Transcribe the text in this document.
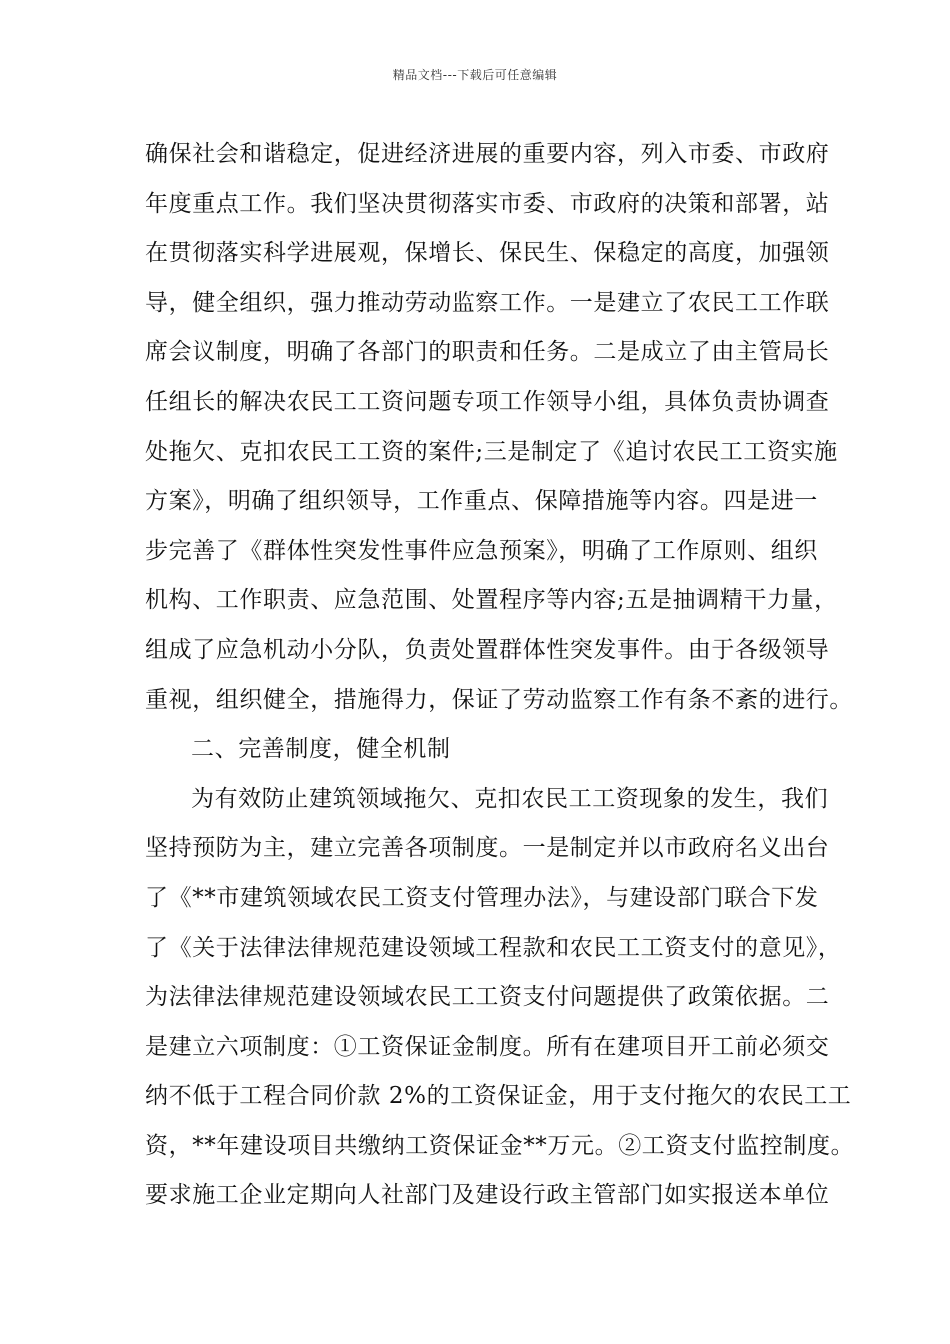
精品文档---下载后可任意编辑
确保社会和谐稳定，促进经济进展的重要内容，列入市委、市政府
年度重点工作。我们坚决贯彻落实市委、市政府的决策和部署，站
在贯彻落实科学进展观，保增长、保民生、保稳定的高度，加强领
导，健全组织，强力推动劳动监察工作。一是建立了农民工工作联
席会议制度，明确了各部门的职责和任务。二是成立了由主管局长
任组长的解决农民工工资问题专项工作领导小组，具体负责协调查
处拖欠、克扣农民工工资的案件;三是制定了《追讨农民工工资实施
方案》，明确了组织领导，工作重点、保障措施等内容。四是进一
步完善了《群体性突发性事件应急预案》，明确了工作原则、组织
机构、工作职责、应急范围、处置程序等内容;五是抽调精干力量，
组成了应急机动小分队，负责处置群体性突发事件。由于各级领导
重视，组织健全，措施得力，保证了劳动监察工作有条不紊的进行。
二、完善制度，健全机制
为有效防止建筑领域拖欠、克扣农民工工资现象的发生，我们
坚持预防为主，建立完善各项制度。一是制定并以市政府名义出台
了《**市建筑领域农民工资支付管理办法》，与建设部门联合下发
了《关于法律法律规范建设领域工程款和农民工工资支付的意见》，
为法律法律规范建设领域农民工工资支付问题提供了政策依据。二
是建立六项制度：①工资保证金制度。所有在建项目开工前必须交
纳不低于工程合同价款 2%的工资保证金，用于支付拖欠的农民工工
资，**年建设项目共缴纳工资保证金**万元。②工资支付监控制度。
要求施工企业定期向人社部门及建设行政主管部门如实报送本单位
